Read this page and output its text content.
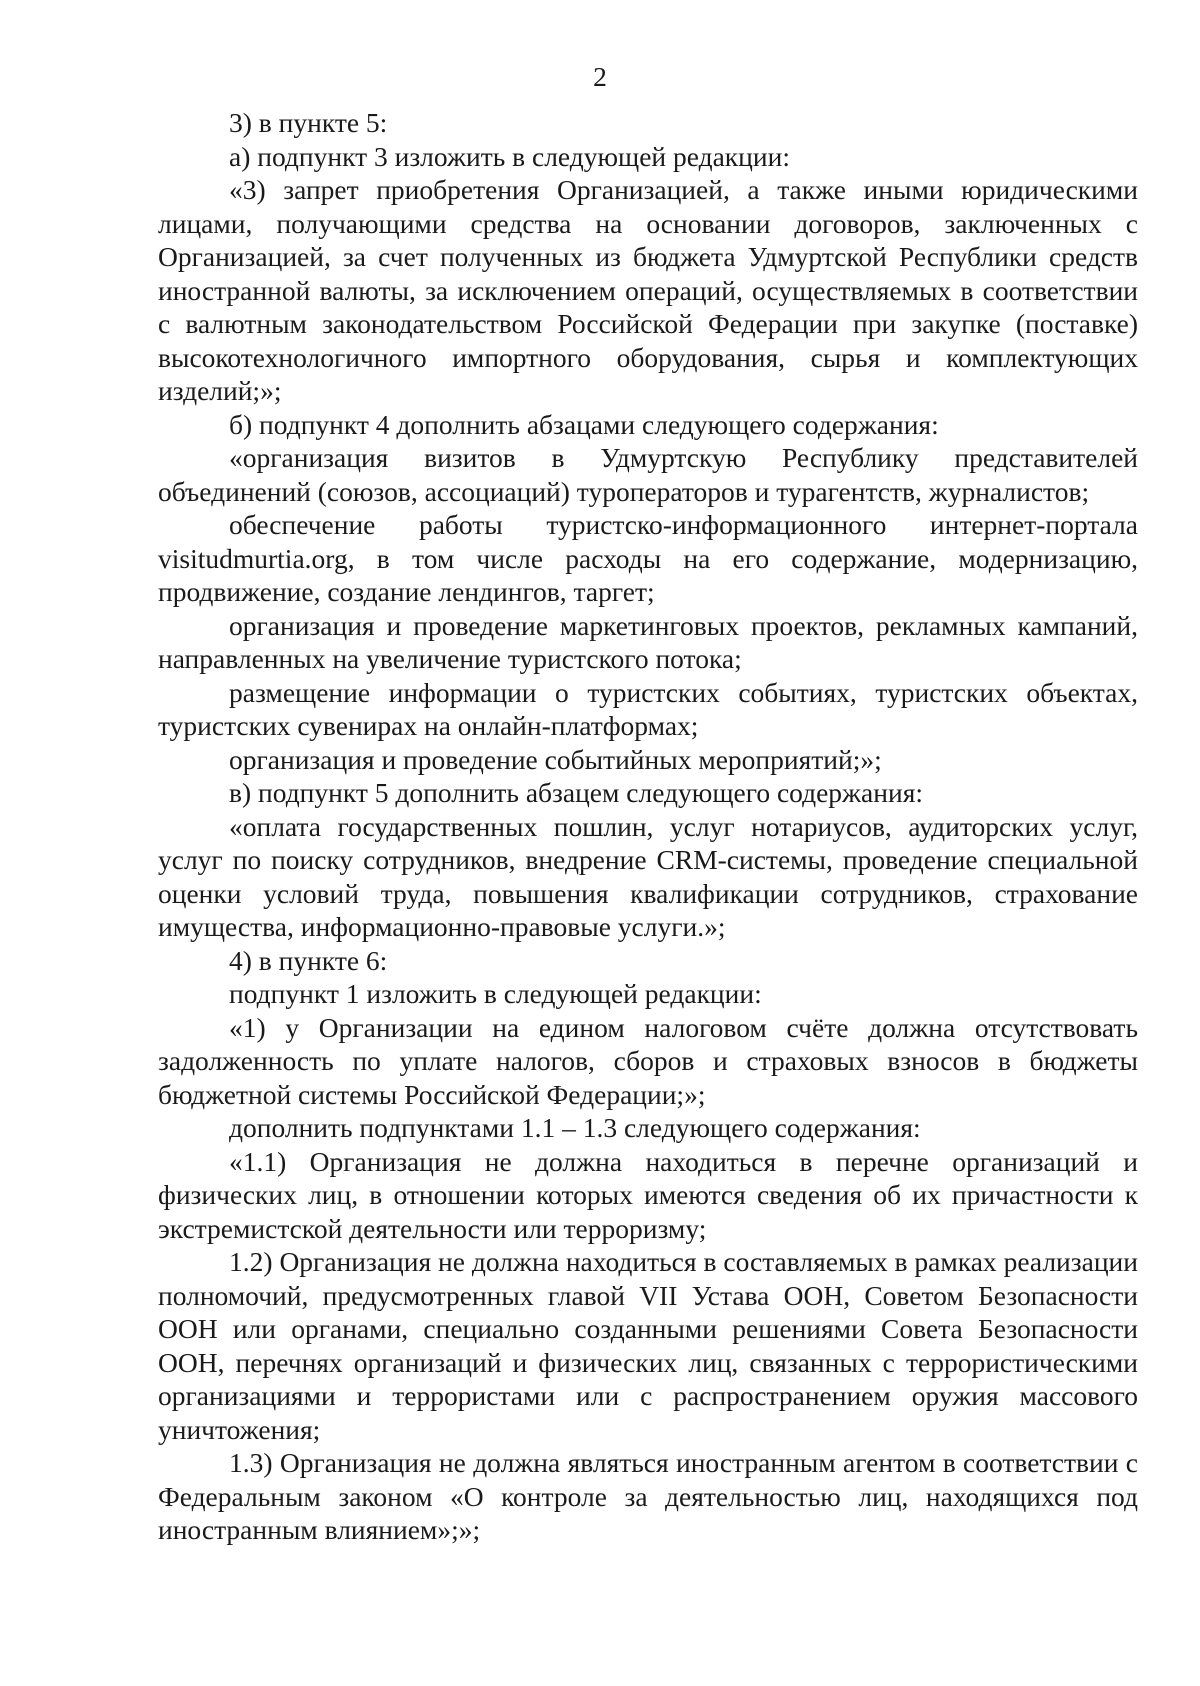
2

3) в пункте 5:

а) подпункт 3 изложить в следующей редакции:

«3) запрет приобретения Организацией, а также иными юридическими лицами, получающими средства на основании договоров, заключенных с Организацией, за счет полученных из бюджета Удмуртской Республики средств иностранной валюты, за исключением операций, осуществляемых в соответствии с валютным законодательством Российской Федерации при закупке (поставке) высокотехнологичного импортного оборудования, сырья и комплектующих изделий;»;

б) подпункт 4 дополнить абзацами следующего содержания:

«организация визитов в Удмуртскую Республику представителей объединений (союзов, ассоциаций) туроператоров и турагентств, журналистов;

обеспечение работы туристско-информационного интернет-портала visitudmurtia.org, в том числе расходы на его содержание, модернизацию, продвижение, создание лендингов, таргет;

организация и проведение маркетинговых проектов, рекламных кампаний, направленных на увеличение туристского потока;

размещение информации о туристских событиях, туристских объектах, туристских сувенирах на онлайн-платформах;

организация и проведение событийных мероприятий;»;

в) подпункт 5 дополнить абзацем следующего содержания:

«оплата государственных пошлин, услуг нотариусов, аудиторских услуг, услуг по поиску сотрудников, внедрение CRM-системы, проведение специальной оценки условий труда, повышения квалификации сотрудников, страхование имущества, информационно-правовые услуги.»;

4) в пункте 6:

подпункт 1 изложить в следующей редакции:

«1) у Организации на едином налоговом счёте должна отсутствовать задолженность по уплате налогов, сборов и страховых взносов в бюджеты бюджетной системы Российской Федерации;»;

дополнить подпунктами 1.1 – 1.3 следующего содержания:

«1.1) Организация не должна находиться в перечне организаций и физических лиц, в отношении которых имеются сведения об их причастности к экстремистской деятельности или терроризму;

1.2) Организация не должна находиться в составляемых в рамках реализации полномочий, предусмотренных главой VII Устава ООН, Советом Безопасности ООН или органами, специально созданными решениями Совета Безопасности ООН, перечнях организаций и физических лиц, связанных с террористическими организациями и террористами или с распространением оружия массового уничтожения;

1.3) Организация не должна являться иностранным агентом в соответствии с Федеральным законом «О контроле за деятельностью лиц, находящихся под иностранным влиянием»;»;
